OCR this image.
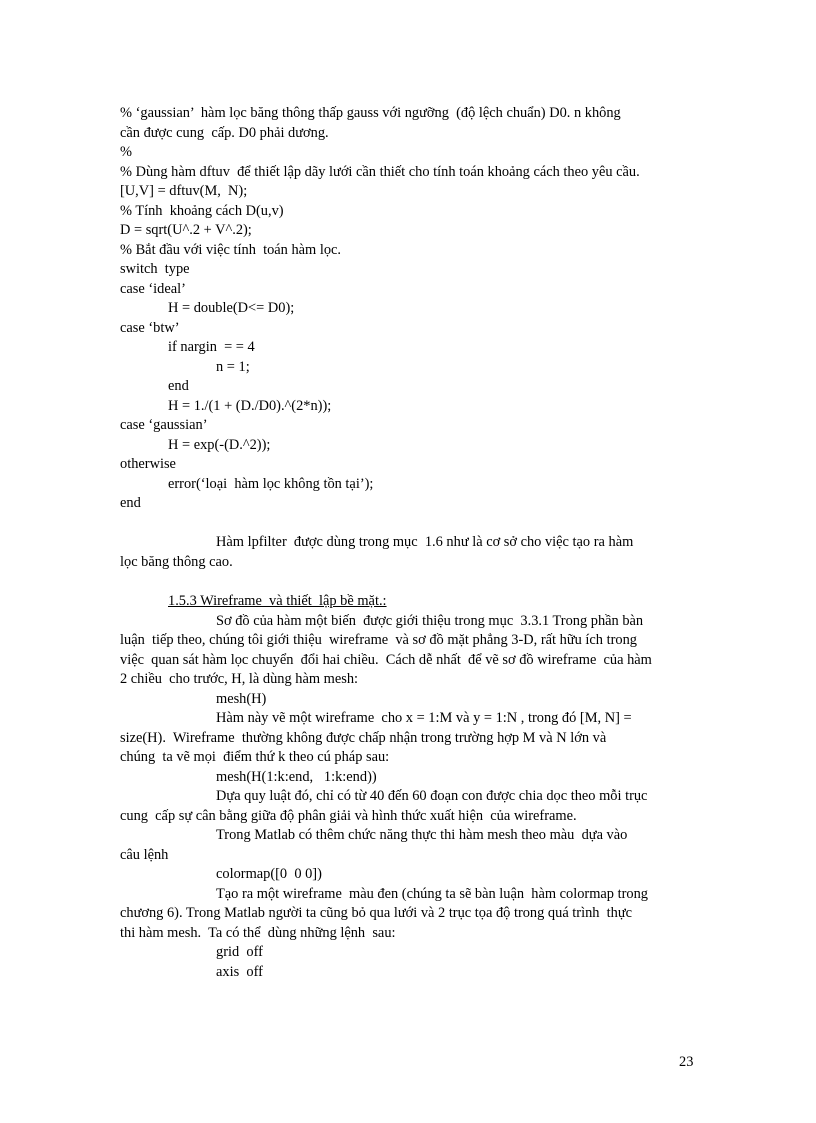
% ‘gaussian’  hàm lọc băng thông thấp gauss với ngưỡng  (độ lệch chuẩn) D0. n không
cần được cung  cấp. D0 phải dương.
%
% Dùng hàm dftuv  để thiết lập dãy lưới cần thiết cho tính toán khoảng cách theo yêu cầu.
[U,V] = dftuv(M,  N);
% Tính  khoảng cách D(u,v)
D = sqrt(U^.2 + V^.2);
% Bắt đầu với việc tính  toán hàm lọc.
switch  type
case ‘ideal’
H = double(D<= D0);
case ‘btw’
if nargin  = = 4
n = 1;
end
H = 1./(1 + (D./D0).^(2*n));
case ‘gaussian’
H = exp(-(D.^2));
otherwise
error(‘loại  hàm lọc không tồn tại’);
end
Hàm lpfilter  được dùng trong mục  1.6 như là cơ sở cho việc tạo ra hàm
lọc băng thông cao.
1.5.3 Wireframe  và thiết  lập bề mặt.:
Sơ đồ của hàm một biến  được giới thiệu trong mục  3.3.1 Trong phần bàn
luận  tiếp theo, chúng tôi giới thiệu  wireframe  và sơ đồ mặt phẳng 3-D, rất hữu ích trong
việc  quan sát hàm lọc chuyển  đổi hai chiều.  Cách dễ nhất  để vẽ sơ đồ wireframe  của hàm
2 chiều  cho trước, H, là dùng hàm mesh:
mesh(H)
Hàm này vẽ một wireframe  cho x = 1:M và y = 1:N , trong đó [M, N] =
size(H).  Wireframe  thường không được chấp nhận trong trường hợp M và N lớn và
chúng  ta vẽ mọi  điểm thứ k theo cú pháp sau:
mesh(H(1:k:end,   1:k:end))
Dựa quy luật đó, chỉ có từ 40 đến 60 đoạn con được chia dọc theo mỗi trục
cung  cấp sự cân bằng giữa độ phân giải và hình thức xuất hiện  của wireframe.
Trong Matlab có thêm chức năng thực thi hàm mesh theo màu  dựa vào
câu lệnh
colormap([0  0 0])
Tạo ra một wireframe  màu đen (chúng ta sẽ bàn luận  hàm colormap trong
chương 6). Trong Matlab người ta cũng bỏ qua lưới và 2 trục tọa độ trong quá trình  thực
thi hàm mesh.  Ta có thể  dùng những lệnh  sau:
grid  off
axis  off
23
